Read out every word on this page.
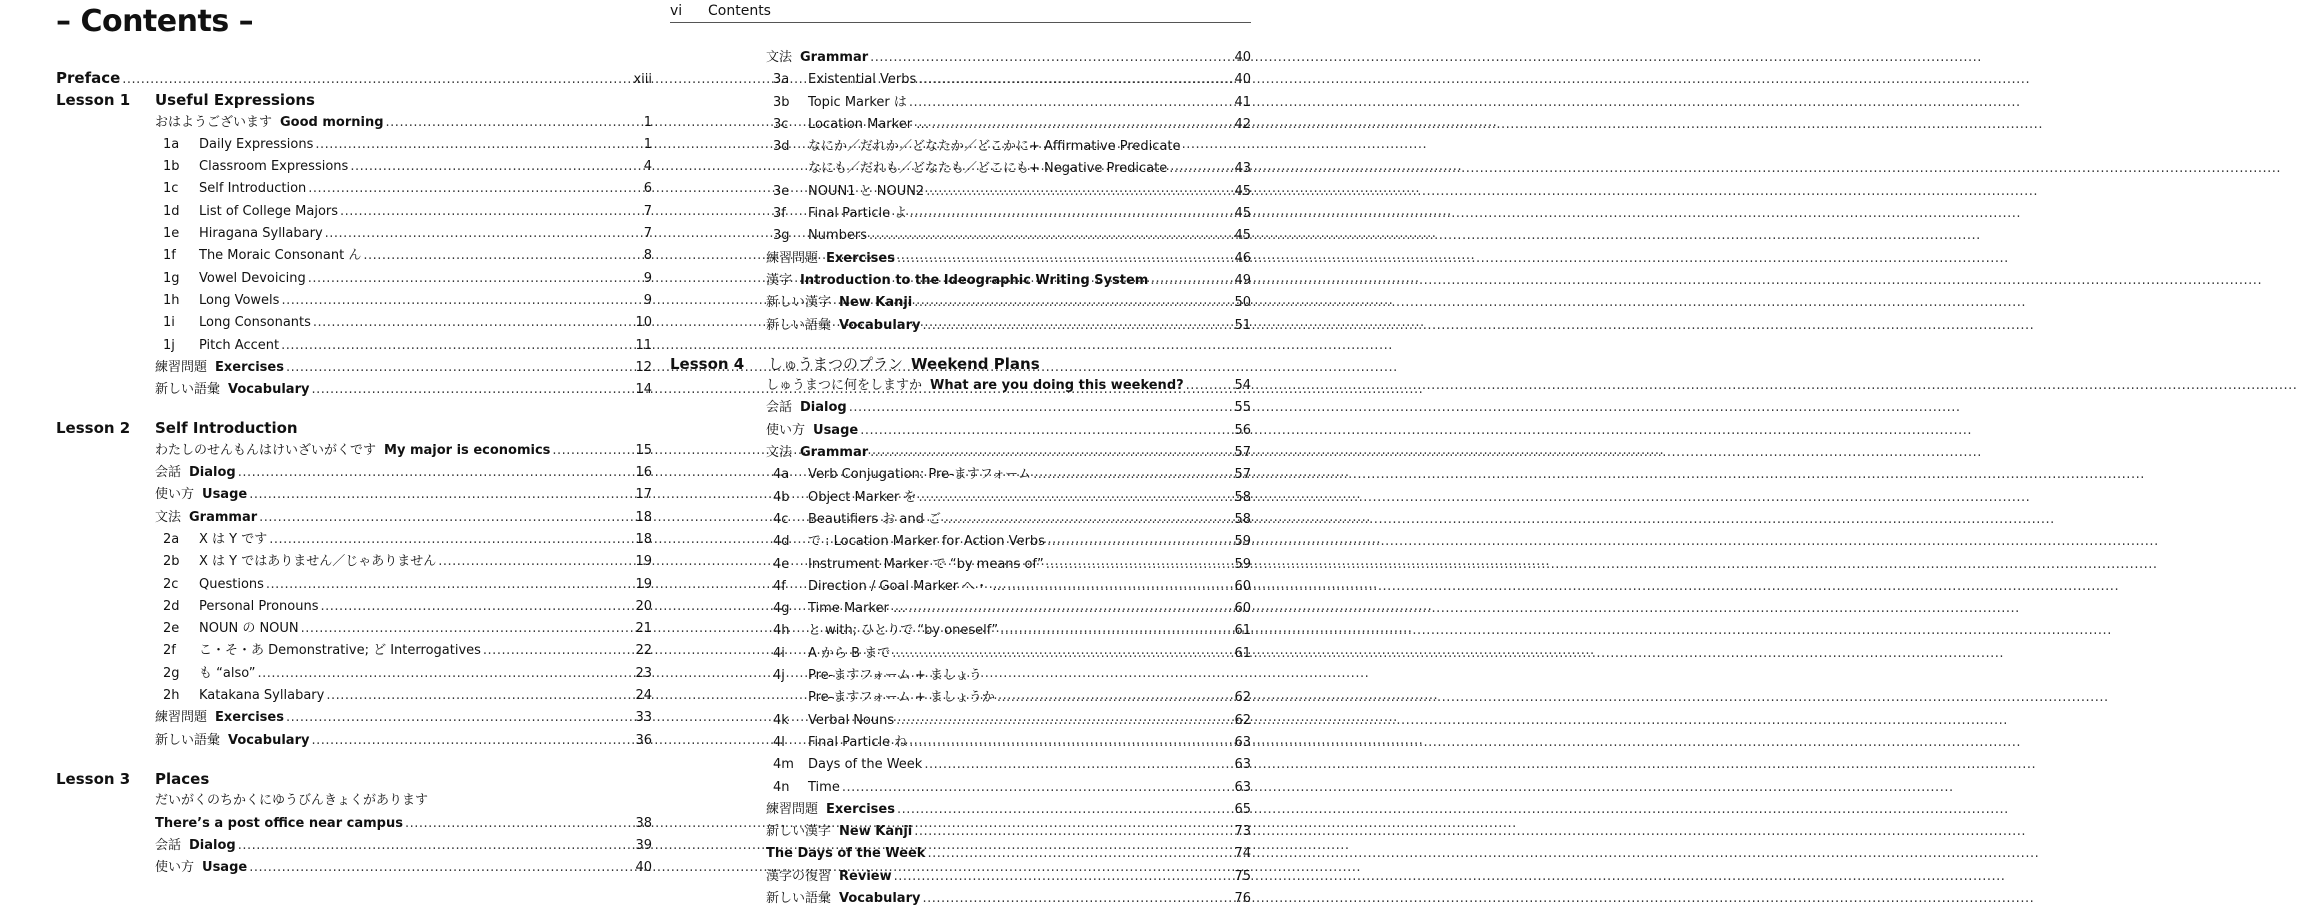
– Contents –
Preface .....	xiii
Lesson 1	Useful Expressions
おはようございます Good morning .....	1
1a	Daily Expressions .....	1
1b	Classroom Expressions .....	4
1c	Self Introduction .....	6
1d	List of College Majors .....	7
1e	Hiragana Syllabary .....	7
1f	The Moraic Consonant ん .....	8
1g	Vowel Devoicing .....	9
1h	Long Vowels .....	9
1i	Long Consonants .....	10
1j	Pitch Accent .....	11
練習問題 Exercises .....	12
新しい語彙 Vocabulary .....	14
Lesson 2	Self Introduction
わたしのせんもんはけいざいがくです My major is economics .....	15
会話 Dialog .....	16
使い方 Usage .....	17
文法 Grammar .....	18
2a	X は Y です .....	18
2b	X は Y ではありません／じゃありません .....	19
2c	Questions .....	19
2d	Personal Pronouns .....	20
2e	NOUN の NOUN .....	21
2f	こ・そ・あ Demonstrative; ど Interrogatives .....	22
2g	も “also” .....	23
2h	Katakana Syllabary .....	24
練習問題 Exercises .....	33
新しい語彙 Vocabulary .....	36
Lesson 3	Places
だいがくのちかくにゆうびんきょくがあります
There’s a post office near campus .....	38
会話 Dialog .....	39
使い方 Usage .....	40
vi Contents
文法 Grammar .....	40
3a	Existential Verbs .....	40
3b	Topic Marker は .....	41
3c	Location Marker … .....	42
3d	なにか／だれか／どなたか／どこかに+ Affirmative Predicate
なにも／だれも／どなたも／どこにも+ Negative Predicate .....	43
3e	NOUN1 と NOUN2 .....	45
3f	Final Particle よ .....	45
3g	Numbers .....	45
練習問題 Exercises .....	46
漢字 Introduction to the Ideographic Writing System .....	49
新しい漢字 New Kanji .....	50
新しい語彙 Vocabulary .....	51
Lesson 4	しゅうまつのプラン Weekend Plans
しゅうまつに何をしますか What are you doing this weekend? .....	54
会話 Dialog .....	55
使い方 Usage .....	56
文法 Grammar .....	57
4a	Verb Conjugation: Pre-ますフォーム .....	57
4b	Object Marker を .....	58
4c	Beautifiers お and ご .....	58
4d	で : Location Marker for Action Verbs .....	59
4e	Instrument Marker で “by means of” .....	59
4f	Direction / Goal Marker へ・ … .....	60
4g	Time Marker … .....	60
4h	と with; ひとりで “by oneself” .....	61
4i	A から B まで .....	61
4j	Pre-ますフォーム + ましょう
Pre-ますフォーム + ましょうか .....	62
4k	Verbal Nouns .....	62
4l	Final Particle ね .....	63
4m	Days of the Week .....	63
4n	Time .....	63
練習問題 Exercises .....	65
新しい漢字 New Kanji .....	73
The Days of the Week .....	74
漢字の復習 Review .....	75
新しい語彙 Vocabulary .....	76
